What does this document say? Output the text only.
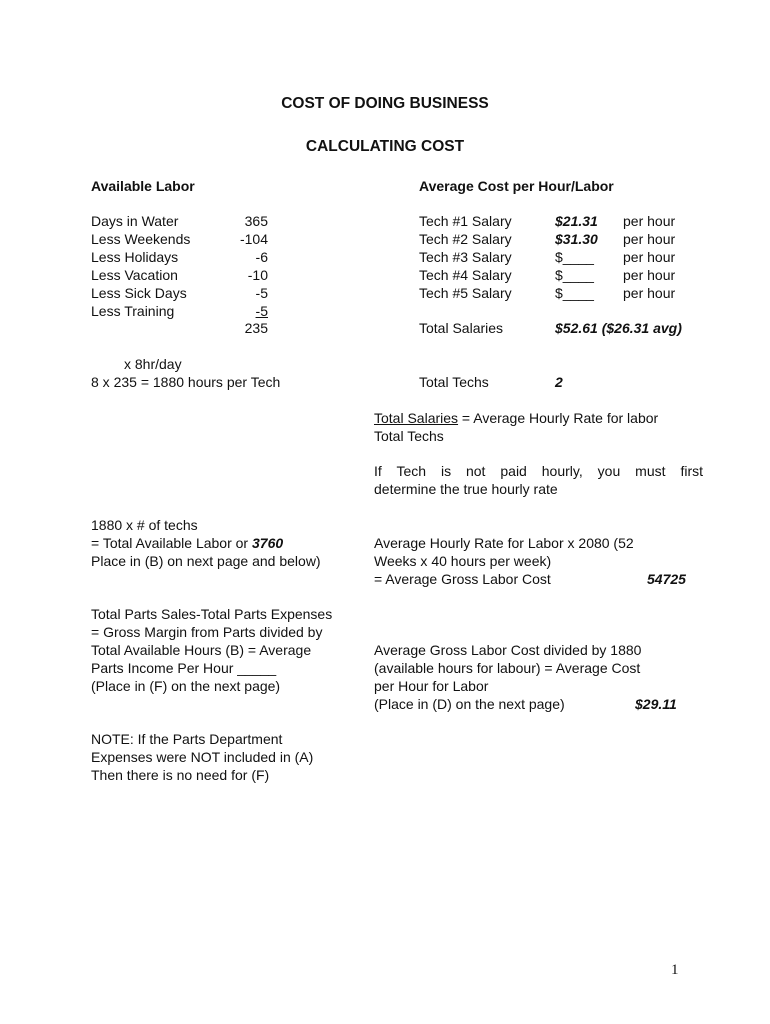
COST OF DOING BUSINESS
CALCULATING COST
Available Labor
Days in Water	365
Less Weekends	-104
Less Holidays	-6
Less Vacation	-10
Less Sick Days	-5
Less Training	-5
235
x 8hr/day
8 x 235 = 1880 hours per Tech
1880 x # of techs
= Total Available Labor or 3760
Place in (B) on next page and below)
Total Parts Sales-Total Parts Expenses
= Gross Margin from Parts divided by
Total Available Hours (B) = Average
Parts Income Per Hour _____
(Place in (F) on the next page)
NOTE: If the Parts Department
Expenses were NOT included in (A)
Then there is no need for (F)
Average Cost per Hour/Labor
Tech #1 Salary	$21.31 per hour
Tech #2 Salary	$31.30 per hour
Tech #3 Salary	$____ per hour
Tech #4 Salary	$____ per hour
Tech #5 Salary	$____ per hour
Total Salaries	$52.61 ($26.31 avg)
Total Techs	2
Total Salaries = Average Hourly Rate for labor
Total Techs
If Tech is not paid hourly, you must first
determine the true hourly rate
Average Hourly Rate for Labor x 2080 (52
Weeks x 40 hours per week)
= Average Gross Labor Cost	54725
Average Gross Labor Cost divided by 1880
(available hours for labour) = Average Cost
per Hour for Labor
(Place in (D) on the next page)	$29.11
1
